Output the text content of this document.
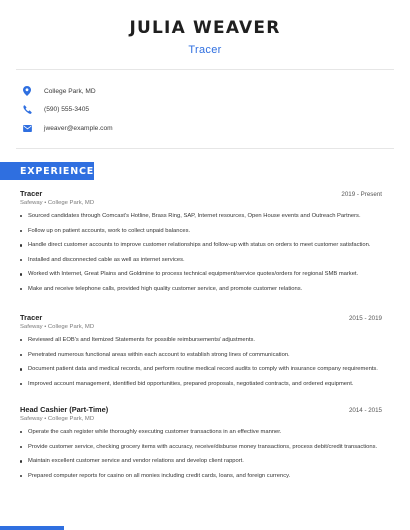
JULIA WEAVER
Tracer
College Park, MD
(590) 555-3405
jweaver@example.com
EXPERIENCE
Tracer	2019 - Present
Safeway • College Park, MD
Sourced candidates through Comcast's Hotline, Brass Ring, SAP, Internet resources, Open House events and Outreach Partners.
Follow up on patient accounts, work to collect unpaid balances.
Handle direct customer accounts to improve customer relationships and follow-up with status on orders to meet customer satisfaction.
Installed and disconnected cable as well as internet services.
Worked with Internet, Great Plains and Goldmine to process technical equipment/service quotes/orders for regional SMB market.
Make and receive telephone calls, provided high quality customer service, and promote customer relations.
Tracer	2015 - 2019
Safeway • College Park, MD
Reviewed all EOB's and Itemized Statements for possible reimbursements/ adjustments.
Penetrated numerous functional areas within each account to establish strong lines of communication.
Document patient data and medical records, and perform routine medical record audits to comply with insurance company requirements.
Improved account management, identified bid opportunities, prepared proposals, negotiated contracts, and ordered equipment.
Head Cashier (Part-Time)	2014 - 2015
Safeway • College Park, MD
Operate the cash register while thoroughly executing customer transactions in an effective manner.
Provide customer service, checking grocery items with accuracy, receive/disburse money transactions, process debit/credit transactions.
Maintain excellent customer service and vendor relations and develop client rapport.
Prepared computer reports for casino on all monies including credit cards, loans, and foreign currency.
